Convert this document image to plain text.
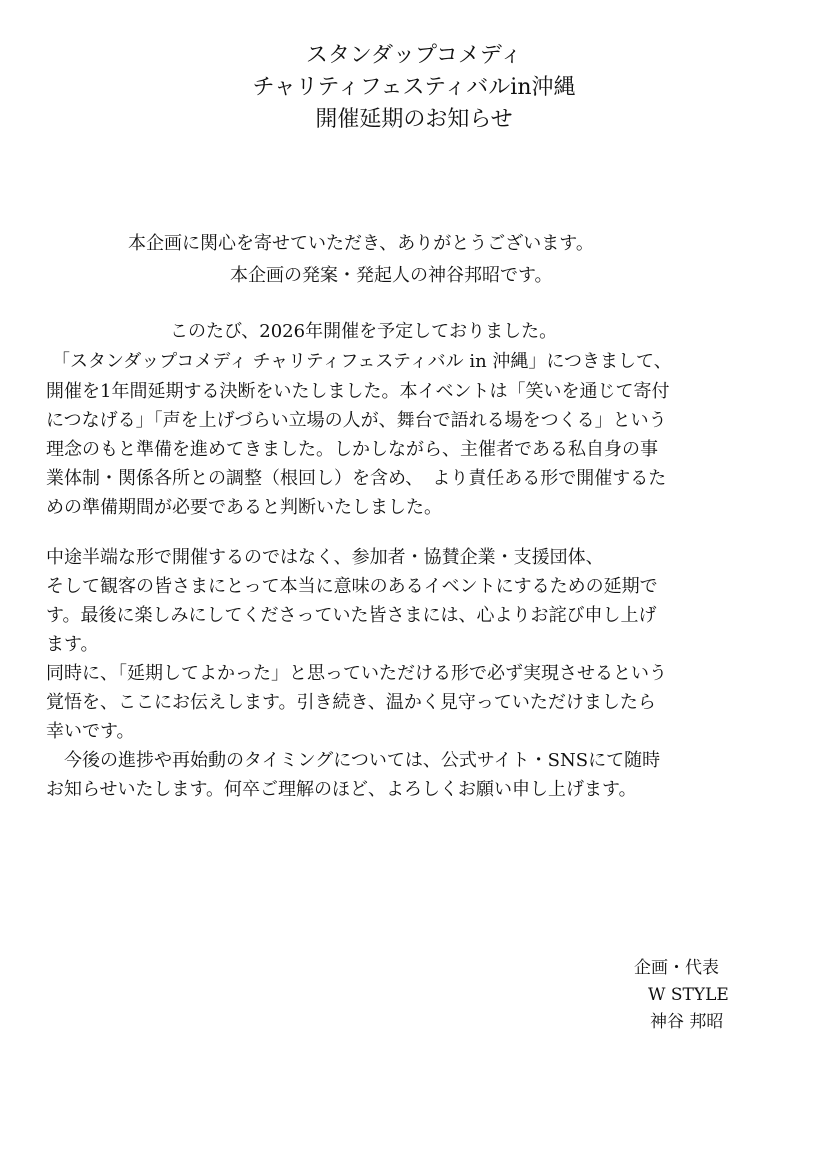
スタンダップコメディ
チャリティフェスティバルin沖縄
開催延期のお知らせ
本企画に関心を寄せていただき、ありがとうございます。
本企画の発案・発起人の神谷邦昭です。
このたび、2026年開催を予定しておりました。
「スタンダップコメディ チャリティフェスティバル in 沖縄」につきまして、
開催を1年間延期する決断をいたしました。本イベントは「笑いを通じて寄付
につなげる」「声を上げづらい立場の人が、舞台で語れる場をつくる」という
理念のもと準備を進めてきました。しかしながら、主催者である私自身の事
業体制・関係各所との調整（根回し）を含め、　より責任ある形で開催するた
めの準備期間が必要であると判断いたしました。
中途半端な形で開催するのではなく、参加者・協賛企業・支援団体、
そして観客の皆さまにとって本当に意味のあるイベントにするための延期で
す。最後に楽しみにしてくださっていた皆さまには、心よりお詫び申し上げ
ます。
同時に、「延期してよかった」と思っていただける形で必ず実現させるという
覚悟を、ここにお伝えします。引き続き、温かく見守っていただけましたら
幸いです。
　今後の進捗や再始動のタイミングについては、公式サイト・SNSにて随時
お知らせいたします。何卒ご理解のほど、よろしくお願い申し上げます。
企画・代表
W STYLE
神谷 邦昭
